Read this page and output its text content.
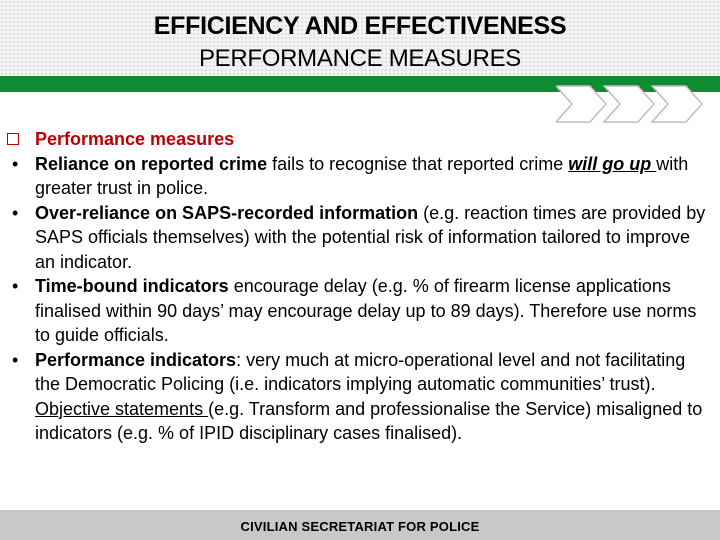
EFFICIENCY AND EFFECTIVENESS
PERFORMANCE MEASURES
Performance measures
• Reliance on reported crime fails to recognise that reported crime will go up with greater trust in police.
• Over-reliance on SAPS-recorded information (e.g. reaction times are provided by SAPS officials themselves) with the potential risk of information tailored to improve an indicator.
• Time-bound indicators encourage delay (e.g. % of firearm license applications finalised within 90 days’ may encourage delay up to 89 days). Therefore use norms to guide officials.
• Performance indicators: very much at micro-operational level and not facilitating the Democratic Policing (i.e. indicators implying automatic communities’ trust). Objective statements (e.g. Transform and professionalise the Service) misaligned to indicators (e.g. % of IPID disciplinary cases finalised).
CIVILIAN SECRETARIAT FOR POLICE
